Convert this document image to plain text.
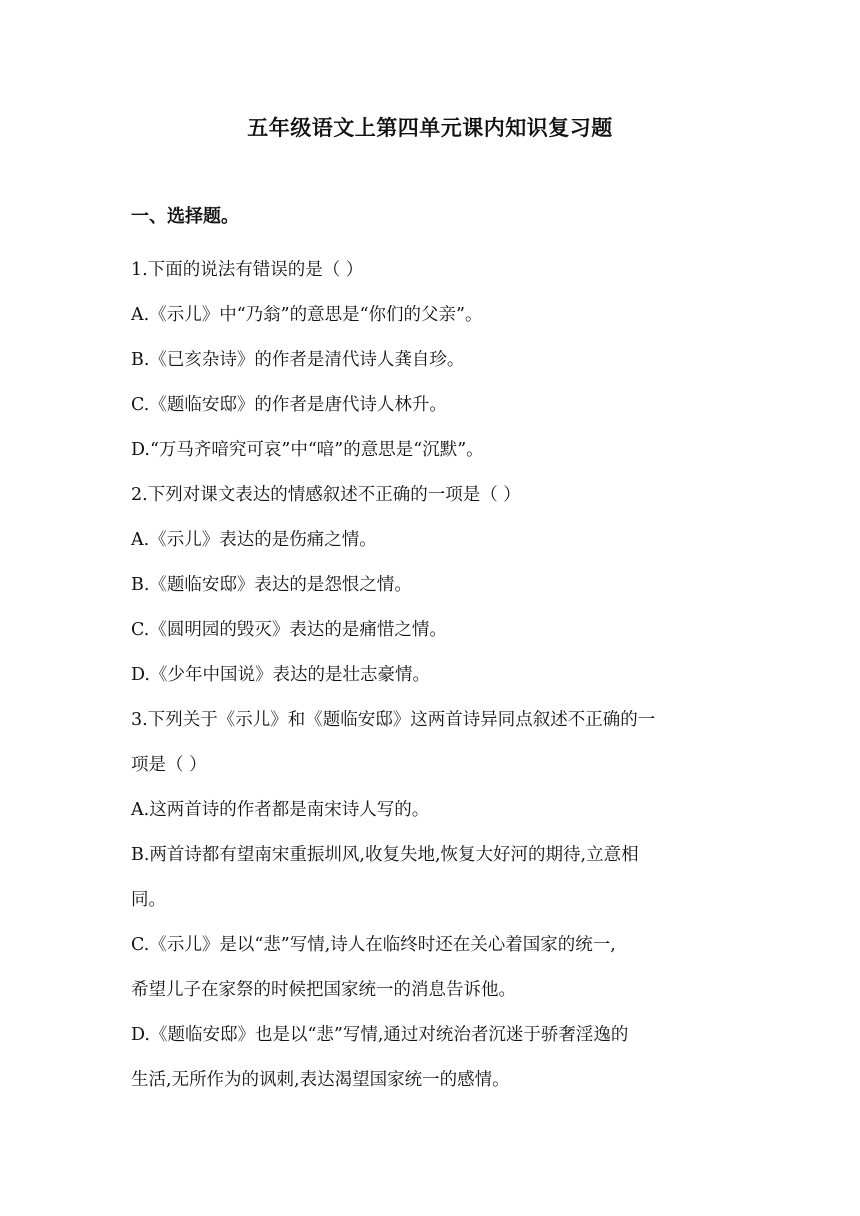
五年级语文上第四单元课内知识复习题
一、选择题。
1.下面的说法有错误的是（ ）
A.《示儿》中“乃翁”的意思是“你们的父亲”。
B.《已亥杂诗》的作者是清代诗人龚自珍。
C.《题临安邸》的作者是唐代诗人林升。
D.“万马齐喑究可哀”中“喑”的意思是“沉默”。
2.下列对课文表达的情感叙述不正确的一项是（ ）
A.《示儿》表达的是伤痛之情。
B.《题临安邸》表达的是怨恨之情。
C.《圆明园的毁灭》表达的是痛惜之情。
D.《少年中国说》表达的是壮志豪情。
3.下列关于《示儿》和《题临安邸》这两首诗异同点叙述不正确的一
项是（ ）
A.这两首诗的作者都是南宋诗人写的。
B.两首诗都有望南宋重振圳风,收复失地,恢复大好河的期待,立意相
同。
C.《示儿》是以“悲”写情,诗人在临终时还在关心着国家的统一,
希望儿子在家祭的时候把国家统一的消息告诉他。
D.《题临安邸》也是以“悲”写情,通过对统治者沉迷于骄奢淫逸的
生活,无所作为的讽刺,表达渴望国家统一的感情。
